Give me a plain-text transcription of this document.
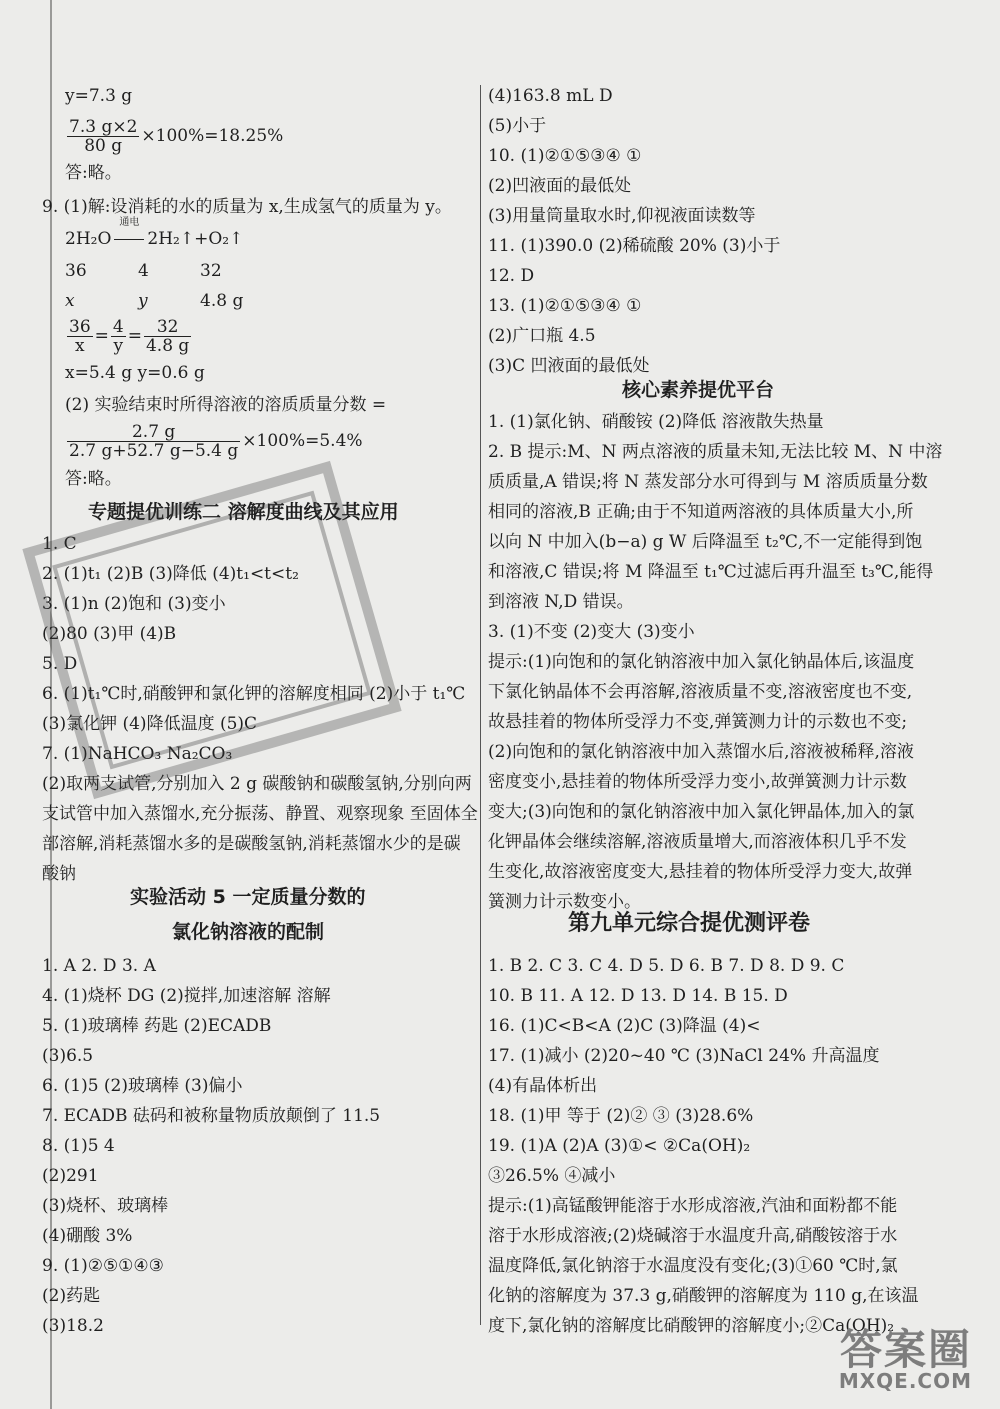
y=7.3 g
$\frac{7.3 g\times 2}{80 g} \times 100\%=18.25\%$
答:略。
9. (1)解:设消耗的水的质量为 x,生成氢气的质量为 y。
2H₂O
通电
2H₂↑+O₂↑
36	4	32
x	y	4.8 g
$\frac{36}{x} = \frac{4}{y} = \frac{32}{4.8 g}$
x=5.4 g y=0.6 g
(2) 实验结束时所得溶液的溶质质量分数 =
$\frac{2.7 g}{2.7 g+52.7 g-5.4 g} \times 100\%=5.4\%$
答:略。
专题提优训练二 溶解度曲线及其应用
1. C
2. (1)t₁ (2)B (3)降低 (4)t₁<t<t₂
3. (1)n (2)饱和 (3)变小
(2)80 (3)甲 (4)B
5. D
6. (1)t₁℃时,硝酸钾和氯化钾的溶解度相同 (2)小于 t₁℃
(3)氯化钾 (4)降低温度 (5)C
7. (1)NaHCO₃ Na₂CO₃
(2)取两支试管,分别加入 2 g 碳酸钠和碳酸氢钠,分别向两
支试管中加入蒸馏水,充分振荡、静置、观察现象 至固体全
部溶解,消耗蒸馏水多的是碳酸氢钠,消耗蒸馏水少的是碳
酸钠
实验活动 5 一定质量分数的
氯化钠溶液的配制
1. A 2. D 3. A
4. (1)烧杯 DG (2)搅拌,加速溶解 溶解
5. (1)玻璃棒 药匙 (2)ECADB
(3)6.5
6. (1)5 (2)玻璃棒 (3)偏小
7. ECADB 砝码和被称量物质放颠倒了 11.5
8. (1)5 4
(2)291
(3)烧杯、玻璃棒
(4)硼酸 3%
9. (1)②⑤①④③
(2)药匙
(3)18.2
(4)163.8 mL D
(5)小于
10. (1)②①⑤③④ ①
(2)凹液面的最低处
(3)用量筒量取水时,仰视液面读数等
11. (1)390.0 (2)稀硫酸 20% (3)小于
12. D
13. (1)②①⑤③④ ①
(2)广口瓶 4.5
(3)C 凹液面的最低处
核心素养提优平台
1. (1)氯化钠、硝酸铵 (2)降低 溶液散失热量
2. B 提示:M、N 两点溶液的质量未知,无法比较 M、N 中溶
质质量,A 错误;将 N 蒸发部分水可得到与 M 溶质质量分数
相同的溶液,B 正确;由于不知道两溶液的具体质量大小,所
以向 N 中加入(b−a) g W 后降温至 t₂℃,不一定能得到饱
和溶液,C 错误;将 M 降温至 t₁℃过滤后再升温至 t₃℃,能得
到溶液 N,D 错误。
3. (1)不变 (2)变大 (3)变小
提示:(1)向饱和的氯化钠溶液中加入氯化钠晶体后,该温度
下氯化钠晶体不会再溶解,溶液质量不变,溶液密度也不变,
故悬挂着的物体所受浮力不变,弹簧测力计的示数也不变;
(2)向饱和的氯化钠溶液中加入蒸馏水后,溶液被稀释,溶液
密度变小,悬挂着的物体所受浮力变小,故弹簧测力计示数
变大;(3)向饱和的氯化钠溶液中加入氯化钾晶体,加入的氯
化钾晶体会继续溶解,溶液质量增大,而溶液体积几乎不发
生变化,故溶液密度变大,悬挂着的物体所受浮力变大,故弹
簧测力计示数变小。
第九单元综合提优测评卷
1. B 2. C 3. C 4. D 5. D 6. B 7. D 8. D 9. C
10. B 11. A 12. D 13. D 14. B 15. D
16. (1)C<B<A (2)C (3)降温 (4)<
17. (1)减小 (2)20~40 ℃ (3)NaCl 24% 升高温度
(4)有晶体析出
18. (1)甲 等于 (2)② ③ (3)28.6%
19. (1)A (2)A (3)①< ②Ca(OH)₂
③26.5% ④减小
提示:(1)高锰酸钾能溶于水形成溶液,汽油和面粉都不能
溶于水形成溶液;(2)烧碱溶于水温度升高,硝酸铵溶于水
温度降低,氯化钠溶于水温度没有变化;(3)①60 ℃时,氯
化钠的溶解度为 37.3 g,硝酸钾的溶解度为 110 g,在该温
度下,氯化钠的溶解度比硝酸钾的溶解度小;②Ca(OH)₂
答案圈
MXQE.COM
